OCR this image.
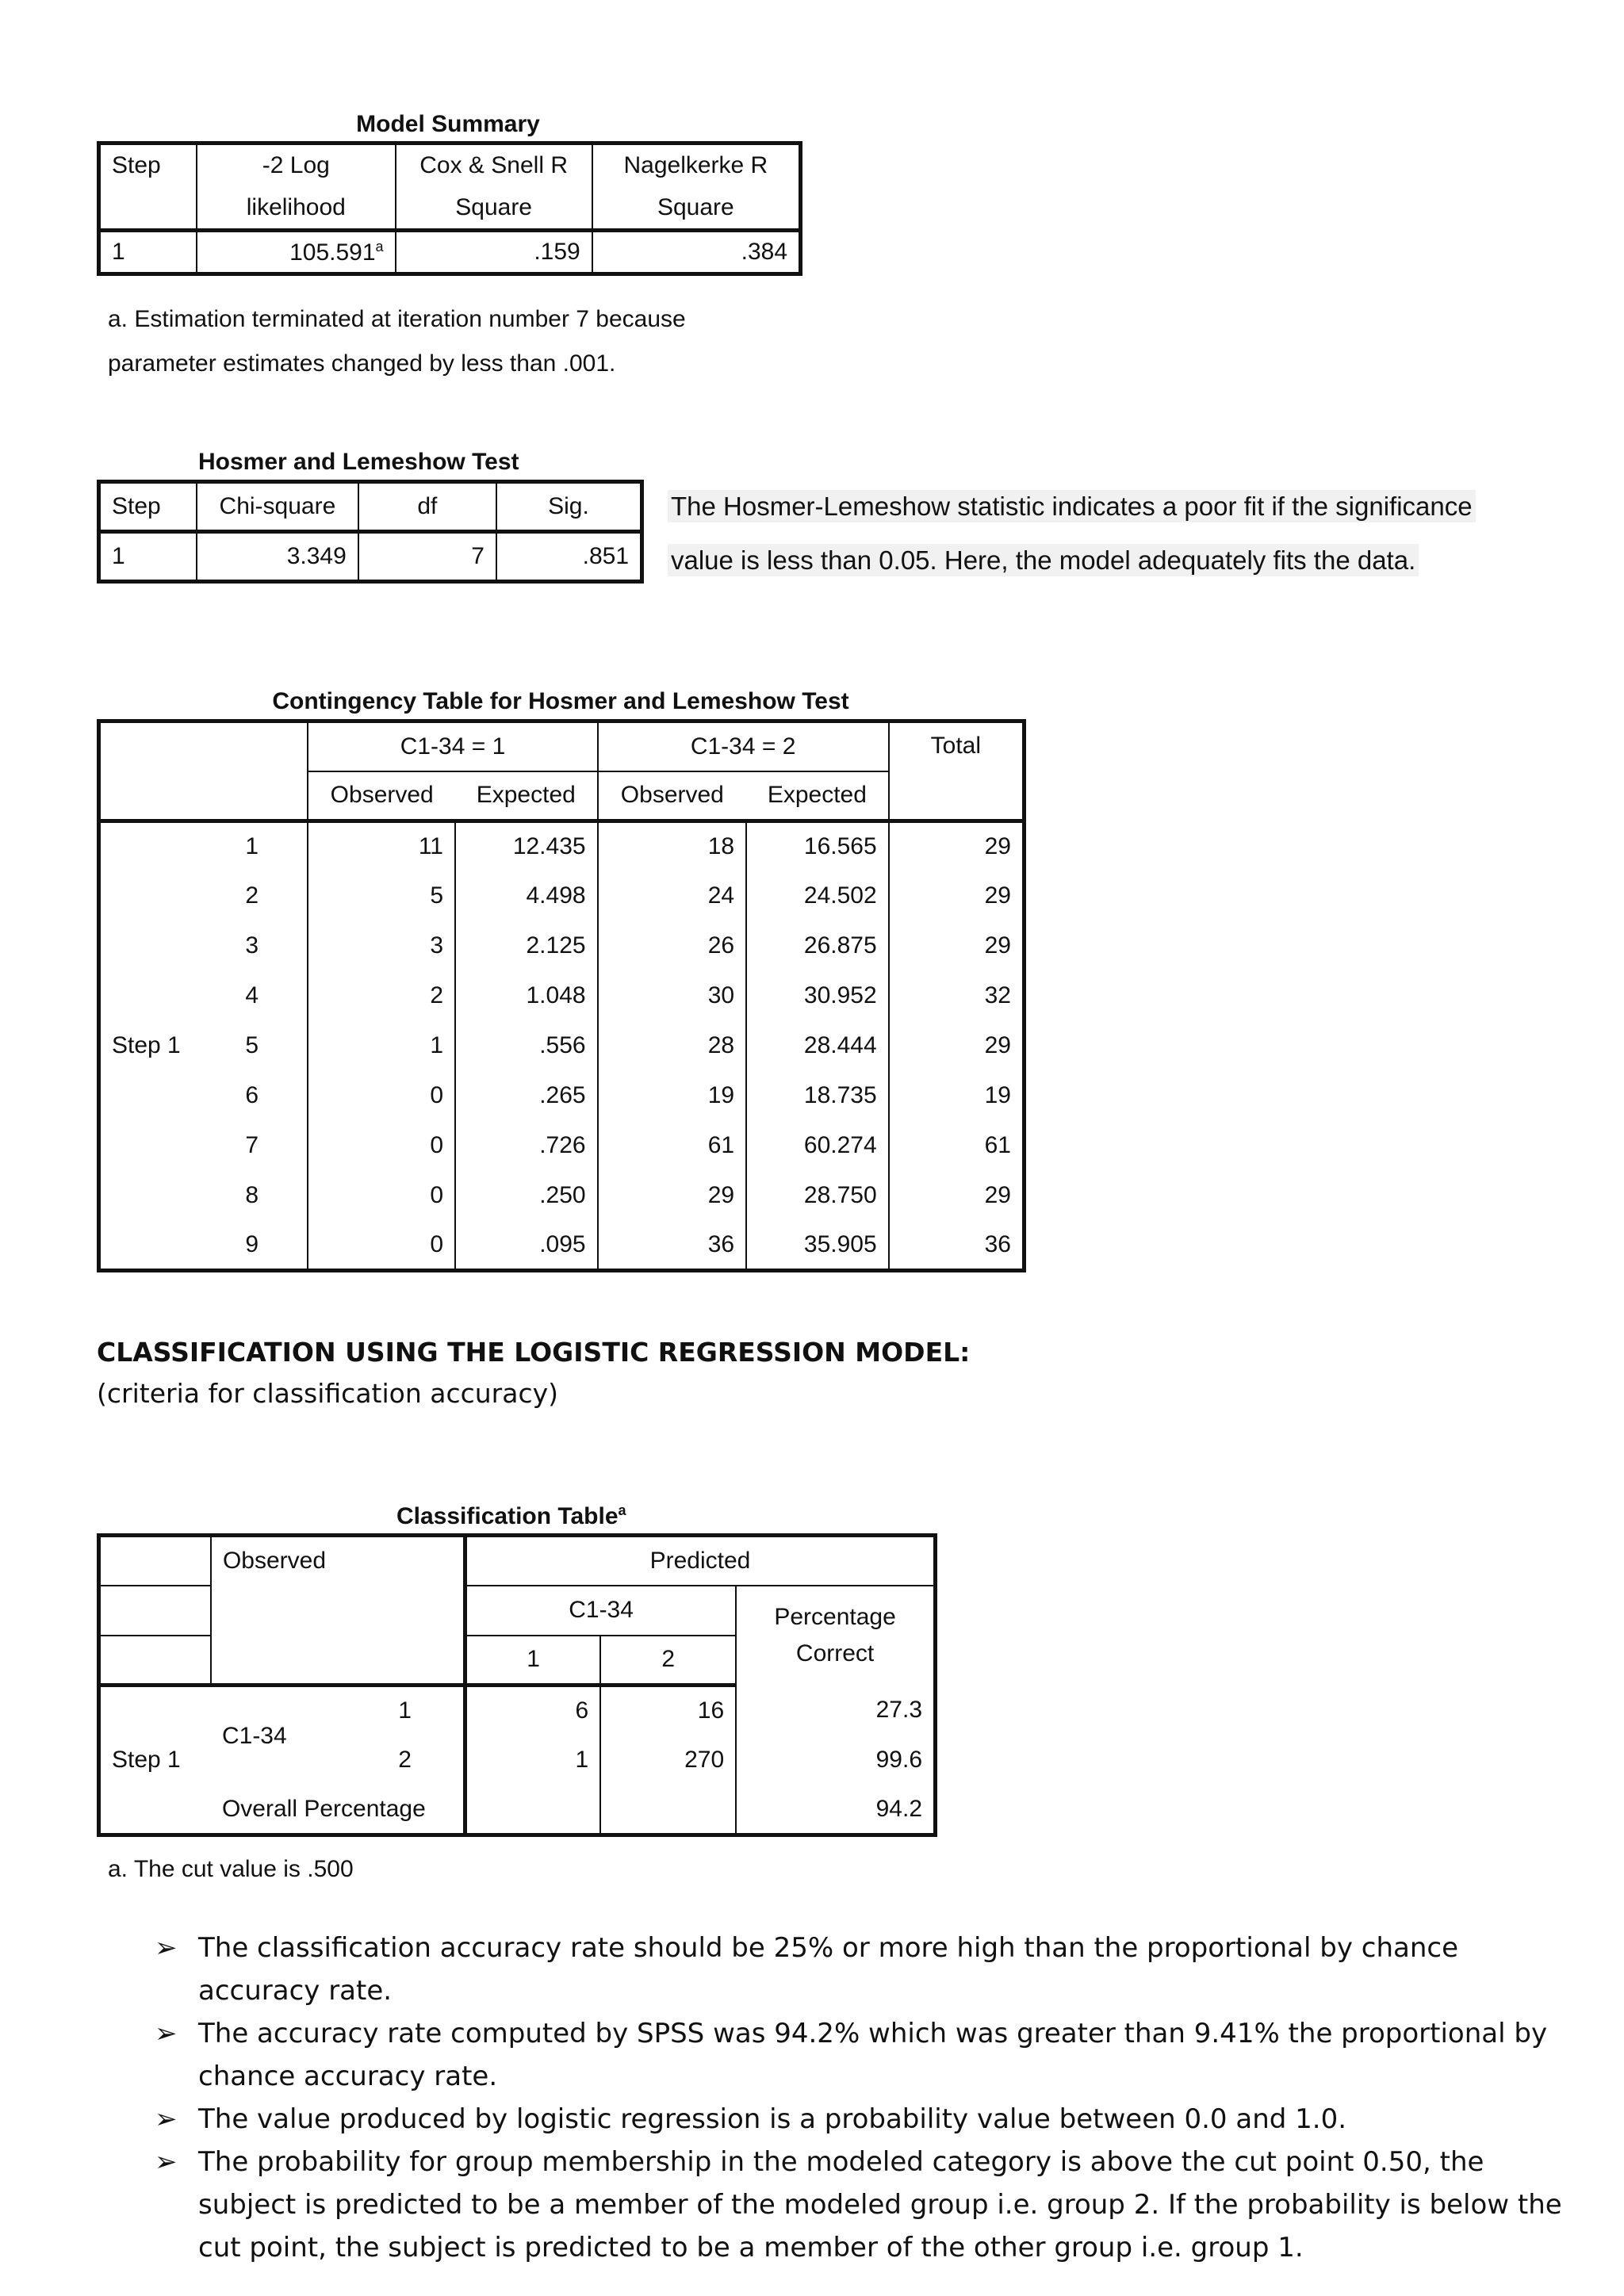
Model Summary
Step	-2 Log	Cox & Snell R	Nagelkerke R
	likelihood	Square	Square
1	105.591$^a$	.159	.384
a. Estimation terminated at iteration number 7 because
parameter estimates changed by less than .001.
Hosmer and Lemeshow Test
Step	Chi-square	df	Sig.
1	3.349	7	.851
The Hosmer-Lemeshow statistic indicates a poor fit if the significance
value is less than 0.05. Here, the model adequately fits the data.
Contingency Table for Hosmer and Lemeshow Test
		C1-34 = 1		C1-34 = 2		Total
		Observed	Expected	Observed	Expected	
Step 1	1	11	12.435	18	16.565	29
	2	5	4.498	24	24.502	29
	3	3	2.125	26	26.875	29
	4	2	1.048	30	30.952	32
	5	1	.556	28	28.444	29
	6	0	.265	19	18.735	19
	7	0	.726	61	60.274	61
	8	0	.250	29	28.750	29
	9	0	.095	36	35.905	36
CLASSIFICATION USING THE LOGISTIC REGRESSION MODEL:
(criteria for classification accuracy)
Classification Table$^a$
	Observed		Predicted		
			C1-34		Percentage
Correct

			1	2	

Step 1	C1-34	1	6	16	27.3
		2	1	270	99.6
	Overall Percentage				94.2
a. The cut value is .500
➢ The classification accuracy rate should be 25% or more high than the proportional by chance accuracy rate.
➢ The accuracy rate computed by SPSS was 94.2% which was greater than 9.41% the proportional by chance accuracy rate.
➢ The value produced by logistic regression is a probability value between 0.0 and 1.0.
➢ The probability for group membership in the modeled category is above the cut point 0.50, the subject is predicted to be a member of the modeled group i.e. group 2. If the probability is below the cut point, the subject is predicted to be a member of the other group i.e. group 1.
